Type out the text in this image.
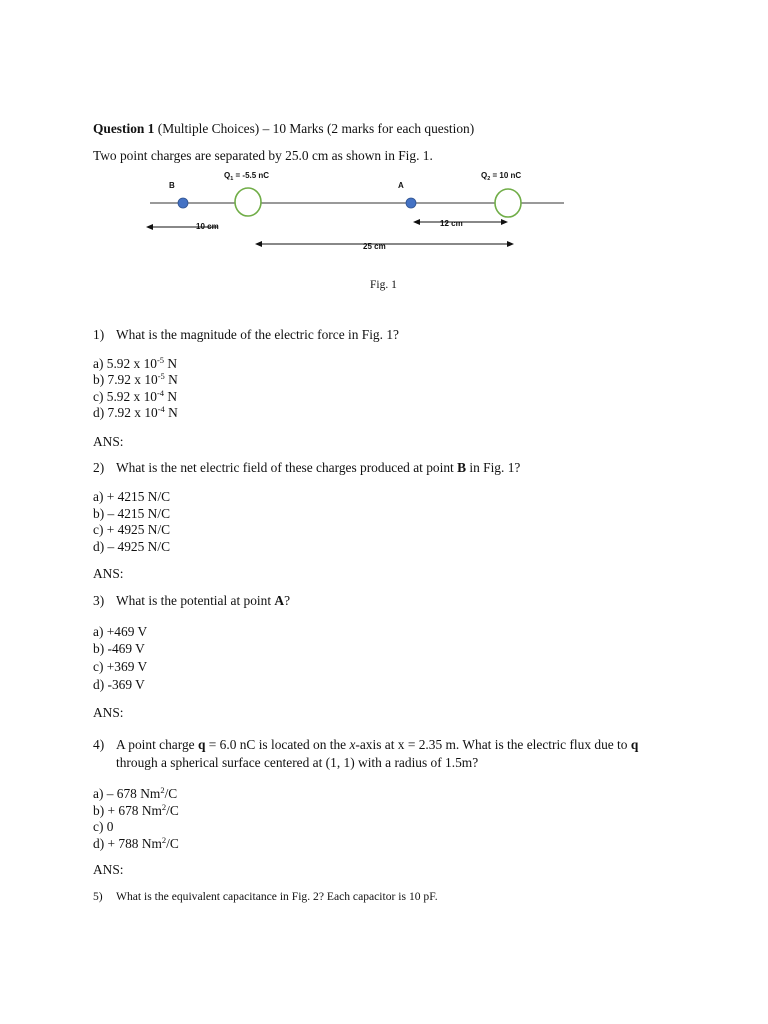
Question 1 (Multiple Choices) – 10 Marks (2 marks for each question)
Two point charges are separated by 25.0 cm as shown in Fig. 1.
$Q_1 = -5.5$ nC	$Q_2 = 10$ nC
B	A
10 cm	12 cm
25 cm
Fig. 1
1) What is the magnitude of the electric force in Fig. 1?
a) 5.92 x $10^{-5}$ N
b) 7.92 x $10^{-5}$ N
c) 5.92 x $10^{-4}$ N
d) 7.92 x $10^{-4}$ N
ANS:
2) What is the net electric field of these charges produced at point B in Fig. 1?
a) + 4215 N/C
b) – 4215 N/C
c) + 4925 N/C
d) – 4925 N/C
ANS:
3) What is the potential at point A?
a) +469 V
b) -469 V
c) +369 V
d) -369 V
ANS:
4) A point charge q = 6.0 nC is located on the x-axis at x = 2.35 m. What is the electric flux due to q
through a spherical surface centered at (1, 1) with a radius of 1.5m?
a) – 678 Nm$^2$/C
b) + 678 Nm$^2$/C
c) 0
d) + 788 Nm$^2$/C
ANS:
5) What is the equivalent capacitance in Fig. 2? Each capacitor is 10 pF.
